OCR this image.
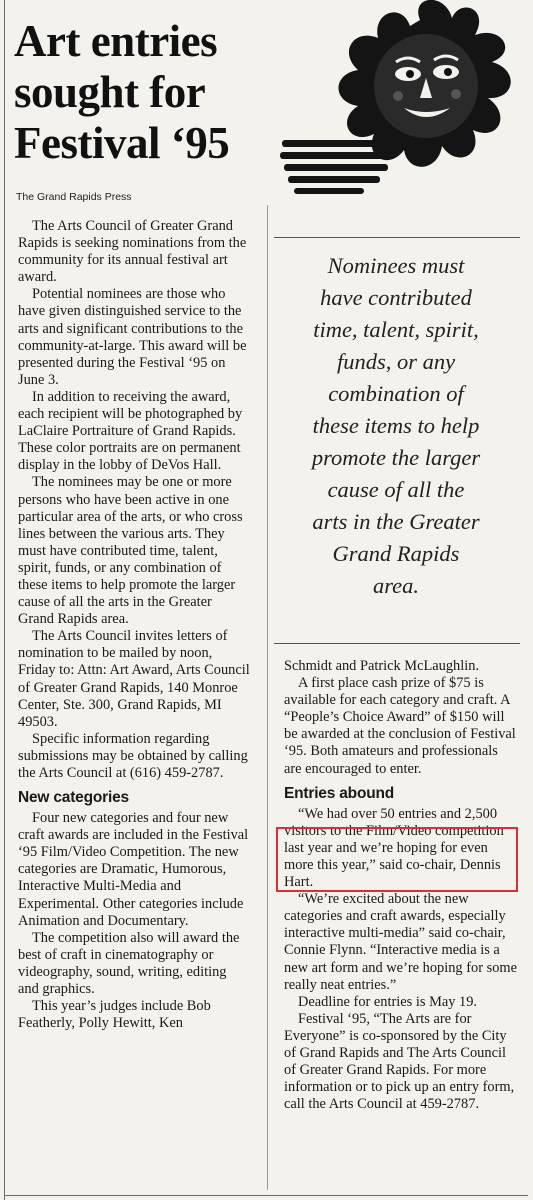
Art entries sought for Festival ‘95
The Grand Rapids Press

The Arts Council of Greater Grand Rapids is seeking nominations from the community for its annual festival art award.

Potential nominees are those who have given distinguished service to the arts and significant contributions to the community-at-large. This award will be presented during the Festival ‘95 on June 3.

In addition to receiving the award, each recipient will be photographed by LaClaire Portraiture of Grand Rapids. These color portraits are on permanent display in the lobby of DeVos Hall.

The nominees may be one or more persons who have been active in one particular area of the arts, or who cross lines between the various arts. They must have contributed time, talent, spirit, funds, or any combination of these items to help promote the larger cause of all the arts in the Greater Grand Rapids area.

The Arts Council invites letters of nomination to be mailed by noon, Friday to: Attn: Art Award, Arts Council of Greater Grand Rapids, 140 Monroe Center, Ste. 300, Grand Rapids, MI 49503.

Specific information regarding submissions may be obtained by calling the Arts Council at (616) 459-2787.

New categories

Four new categories and four new craft awards are included in the Festival ‘95 Film/Video Competition. The new categories are Dramatic, Humorous, Interactive Multi-Media and Experimental. Other categories include Animation and Documentary.

The competition also will award the best of craft in cinematography or videography, sound, writing, editing and graphics.

This year’s judges include Bob Featherly, Polly Hewitt, Ken

Nominees must
have contributed
time, talent, spirit,
funds, or any
combination of
these items to help
promote the larger
cause of all the
arts in the Greater
Grand Rapids
area.

Schmidt and Patrick McLaughlin.

A first place cash prize of $75 is available for each category and craft. A “People’s Choice Award” of $150 will be awarded at the conclusion of Festival ‘95. Both amateurs and professionals are encouraged to enter.

Entries abound

“We had over 50 entries and 2,500 visitors to the Film/Video competition last year and we’re hoping for even more this year,” said co-chair, Dennis Hart.

“We’re excited about the new categories and craft awards, especially interactive multi-media” said co-chair, Connie Flynn. “Interactive media is a new art form and we’re hoping for some really neat entries.”

Deadline for entries is May 19.

Festival ‘95, “The Arts are for Everyone” is co-sponsored by the City of Grand Rapids and The Arts Council of Greater Grand Rapids. For more information or to pick up an entry form, call the Arts Council at 459-2787.
